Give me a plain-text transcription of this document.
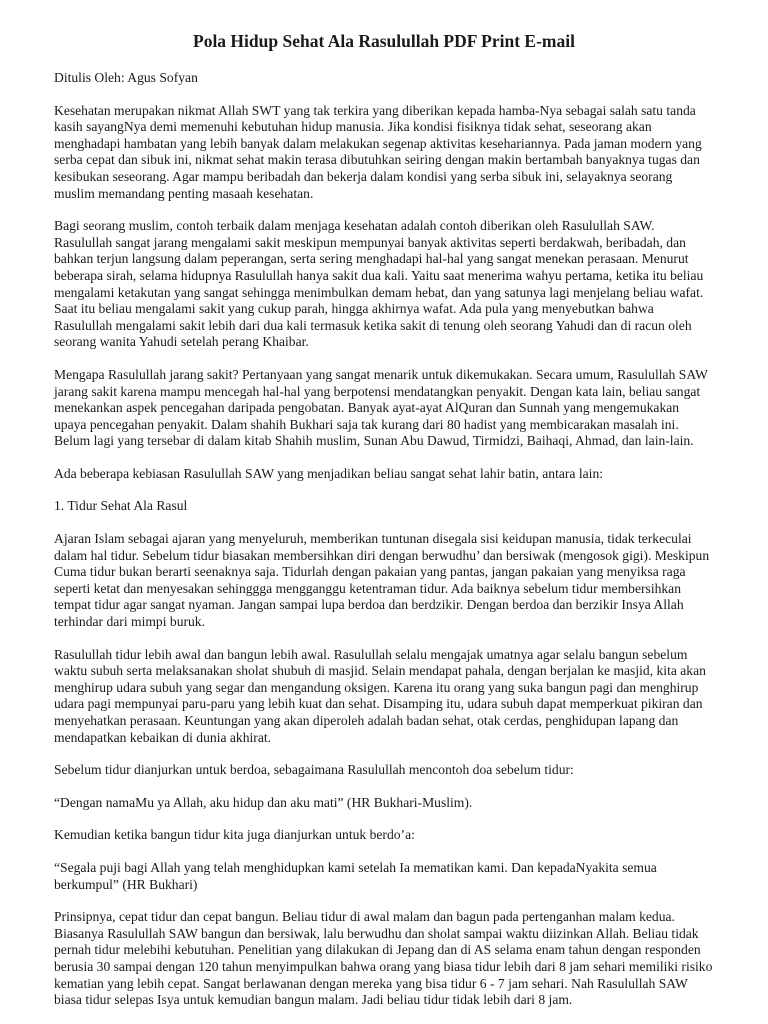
Pola Hidup Sehat Ala Rasulullah PDF Print E-mail

Ditulis Oleh: Agus Sofyan

Kesehatan merupakan nikmat Allah SWT yang tak terkira yang diberikan kepada hamba-Nya sebagai salah satu tanda kasih sayangNya demi memenuhi kebutuhan hidup manusia. Jika kondisi fisiknya tidak sehat, seseorang akan menghadapi hambatan yang lebih banyak dalam melakukan segenap aktivitas kesehariannya. Pada jaman modern yang serba cepat dan sibuk ini, nikmat sehat makin terasa dibutuhkan seiring dengan makin bertambah banyaknya tugas dan kesibukan seseorang. Agar mampu beribadah dan bekerja dalam kondisi yang serba sibuk ini, selayaknya seorang muslim memandang penting masaah kesehatan.

Bagi seorang muslim, contoh terbaik dalam menjaga kesehatan adalah contoh diberikan oleh Rasulullah SAW. Rasulullah sangat jarang mengalami sakit meskipun mempunyai banyak aktivitas seperti berdakwah, beribadah, dan bahkan terjun langsung dalam peperangan, serta sering menghadapi hal-hal yang sangat menekan perasaan. Menurut beberapa sirah, selama hidupnya Rasulullah hanya sakit dua kali. Yaitu saat menerima wahyu pertama, ketika itu beliau mengalami ketakutan yang sangat sehingga menimbulkan demam hebat, dan yang satunya lagi menjelang beliau wafat. Saat itu beliau mengalami sakit yang cukup parah, hingga akhirnya wafat. Ada pula yang menyebutkan bahwa Rasulullah mengalami sakit lebih dari dua kali termasuk ketika sakit di tenung oleh seorang Yahudi dan di racun oleh seorang wanita Yahudi setelah perang Khaibar.

Mengapa Rasulullah jarang sakit? Pertanyaan yang sangat menarik untuk dikemukakan. Secara umum, Rasulullah SAW jarang sakit karena mampu mencegah hal-hal yang berpotensi mendatangkan penyakit. Dengan kata lain, beliau sangat menekankan aspek pencegahan daripada pengobatan. Banyak ayat-ayat AlQuran dan Sunnah yang mengemukakan upaya pencegahan penyakit. Dalam shahih Bukhari saja tak kurang dari 80 hadist yang membicarakan masalah ini. Belum lagi yang tersebar di dalam kitab Shahih muslim, Sunan Abu Dawud, Tirmidzi, Baihaqi, Ahmad, dan lain-lain.

Ada beberapa kebiasan Rasulullah SAW yang menjadikan beliau sangat sehat lahir batin, antara lain:

1. Tidur Sehat Ala Rasul

Ajaran Islam sebagai ajaran yang menyeluruh, memberikan tuntunan disegala sisi keidupan manusia, tidak terkeculai dalam hal tidur. Sebelum tidur biasakan membersihkan diri dengan berwudhu’ dan bersiwak (mengosok gigi). Meskipun Cuma tidur bukan berarti seenaknya saja. Tidurlah dengan pakaian yang pantas, jangan pakaian yang menyiksa raga seperti ketat dan menyesakan sehinggga mengganggu ketentraman tidur. Ada baiknya sebelum tidur membersihkan tempat tidur agar sangat nyaman. Jangan sampai lupa berdoa dan berdzikir. Dengan berdoa dan berzikir Insya Allah terhindar dari mimpi buruk.

Rasulullah tidur lebih awal dan bangun lebih awal. Rasulullah selalu mengajak umatnya agar selalu bangun sebelum waktu subuh serta melaksanakan sholat shubuh di masjid. Selain mendapat pahala, dengan berjalan ke masjid, kita akan menghirup udara subuh yang segar dan mengandung oksigen. Karena itu orang yang suka bangun pagi dan menghirup udara pagi mempunyai paru-paru yang lebih kuat dan sehat. Disamping itu, udara subuh dapat memperkuat pikiran dan menyehatkan perasaan. Keuntungan yang akan diperoleh adalah badan sehat, otak cerdas, penghidupan lapang dan mendapatkan kebaikan di dunia akhirat.

Sebelum tidur dianjurkan untuk berdoa, sebagaimana Rasulullah mencontoh doa sebelum tidur:

“Dengan namaMu ya Allah, aku hidup dan aku mati” (HR Bukhari-Muslim).

Kemudian ketika bangun tidur kita juga dianjurkan untuk berdo’a:

“Segala puji bagi Allah yang telah menghidupkan kami setelah Ia mematikan kami. Dan kepadaNyakita semua berkumpul” (HR Bukhari)

Prinsipnya, cepat tidur dan cepat bangun. Beliau tidur di awal malam dan bagun pada pertenganhan malam kedua. Biasanya Rasulullah SAW bangun dan bersiwak, lalu berwudhu dan sholat sampai waktu diizinkan Allah. Beliau tidak pernah tidur melebihi kebutuhan. Penelitian yang dilakukan di Jepang dan di AS selama enam tahun dengan responden berusia 30 sampai dengan 120 tahun menyimpulkan bahwa orang yang biasa tidur lebih dari 8 jam sehari memiliki risiko kematian yang lebih cepat. Sangat berlawanan dengan mereka yang bisa tidur 6 - 7 jam sehari. Nah Rasulullah SAW biasa tidur selepas Isya untuk kemudian bangun malam. Jadi beliau tidur tidak lebih dari 8 jam.
